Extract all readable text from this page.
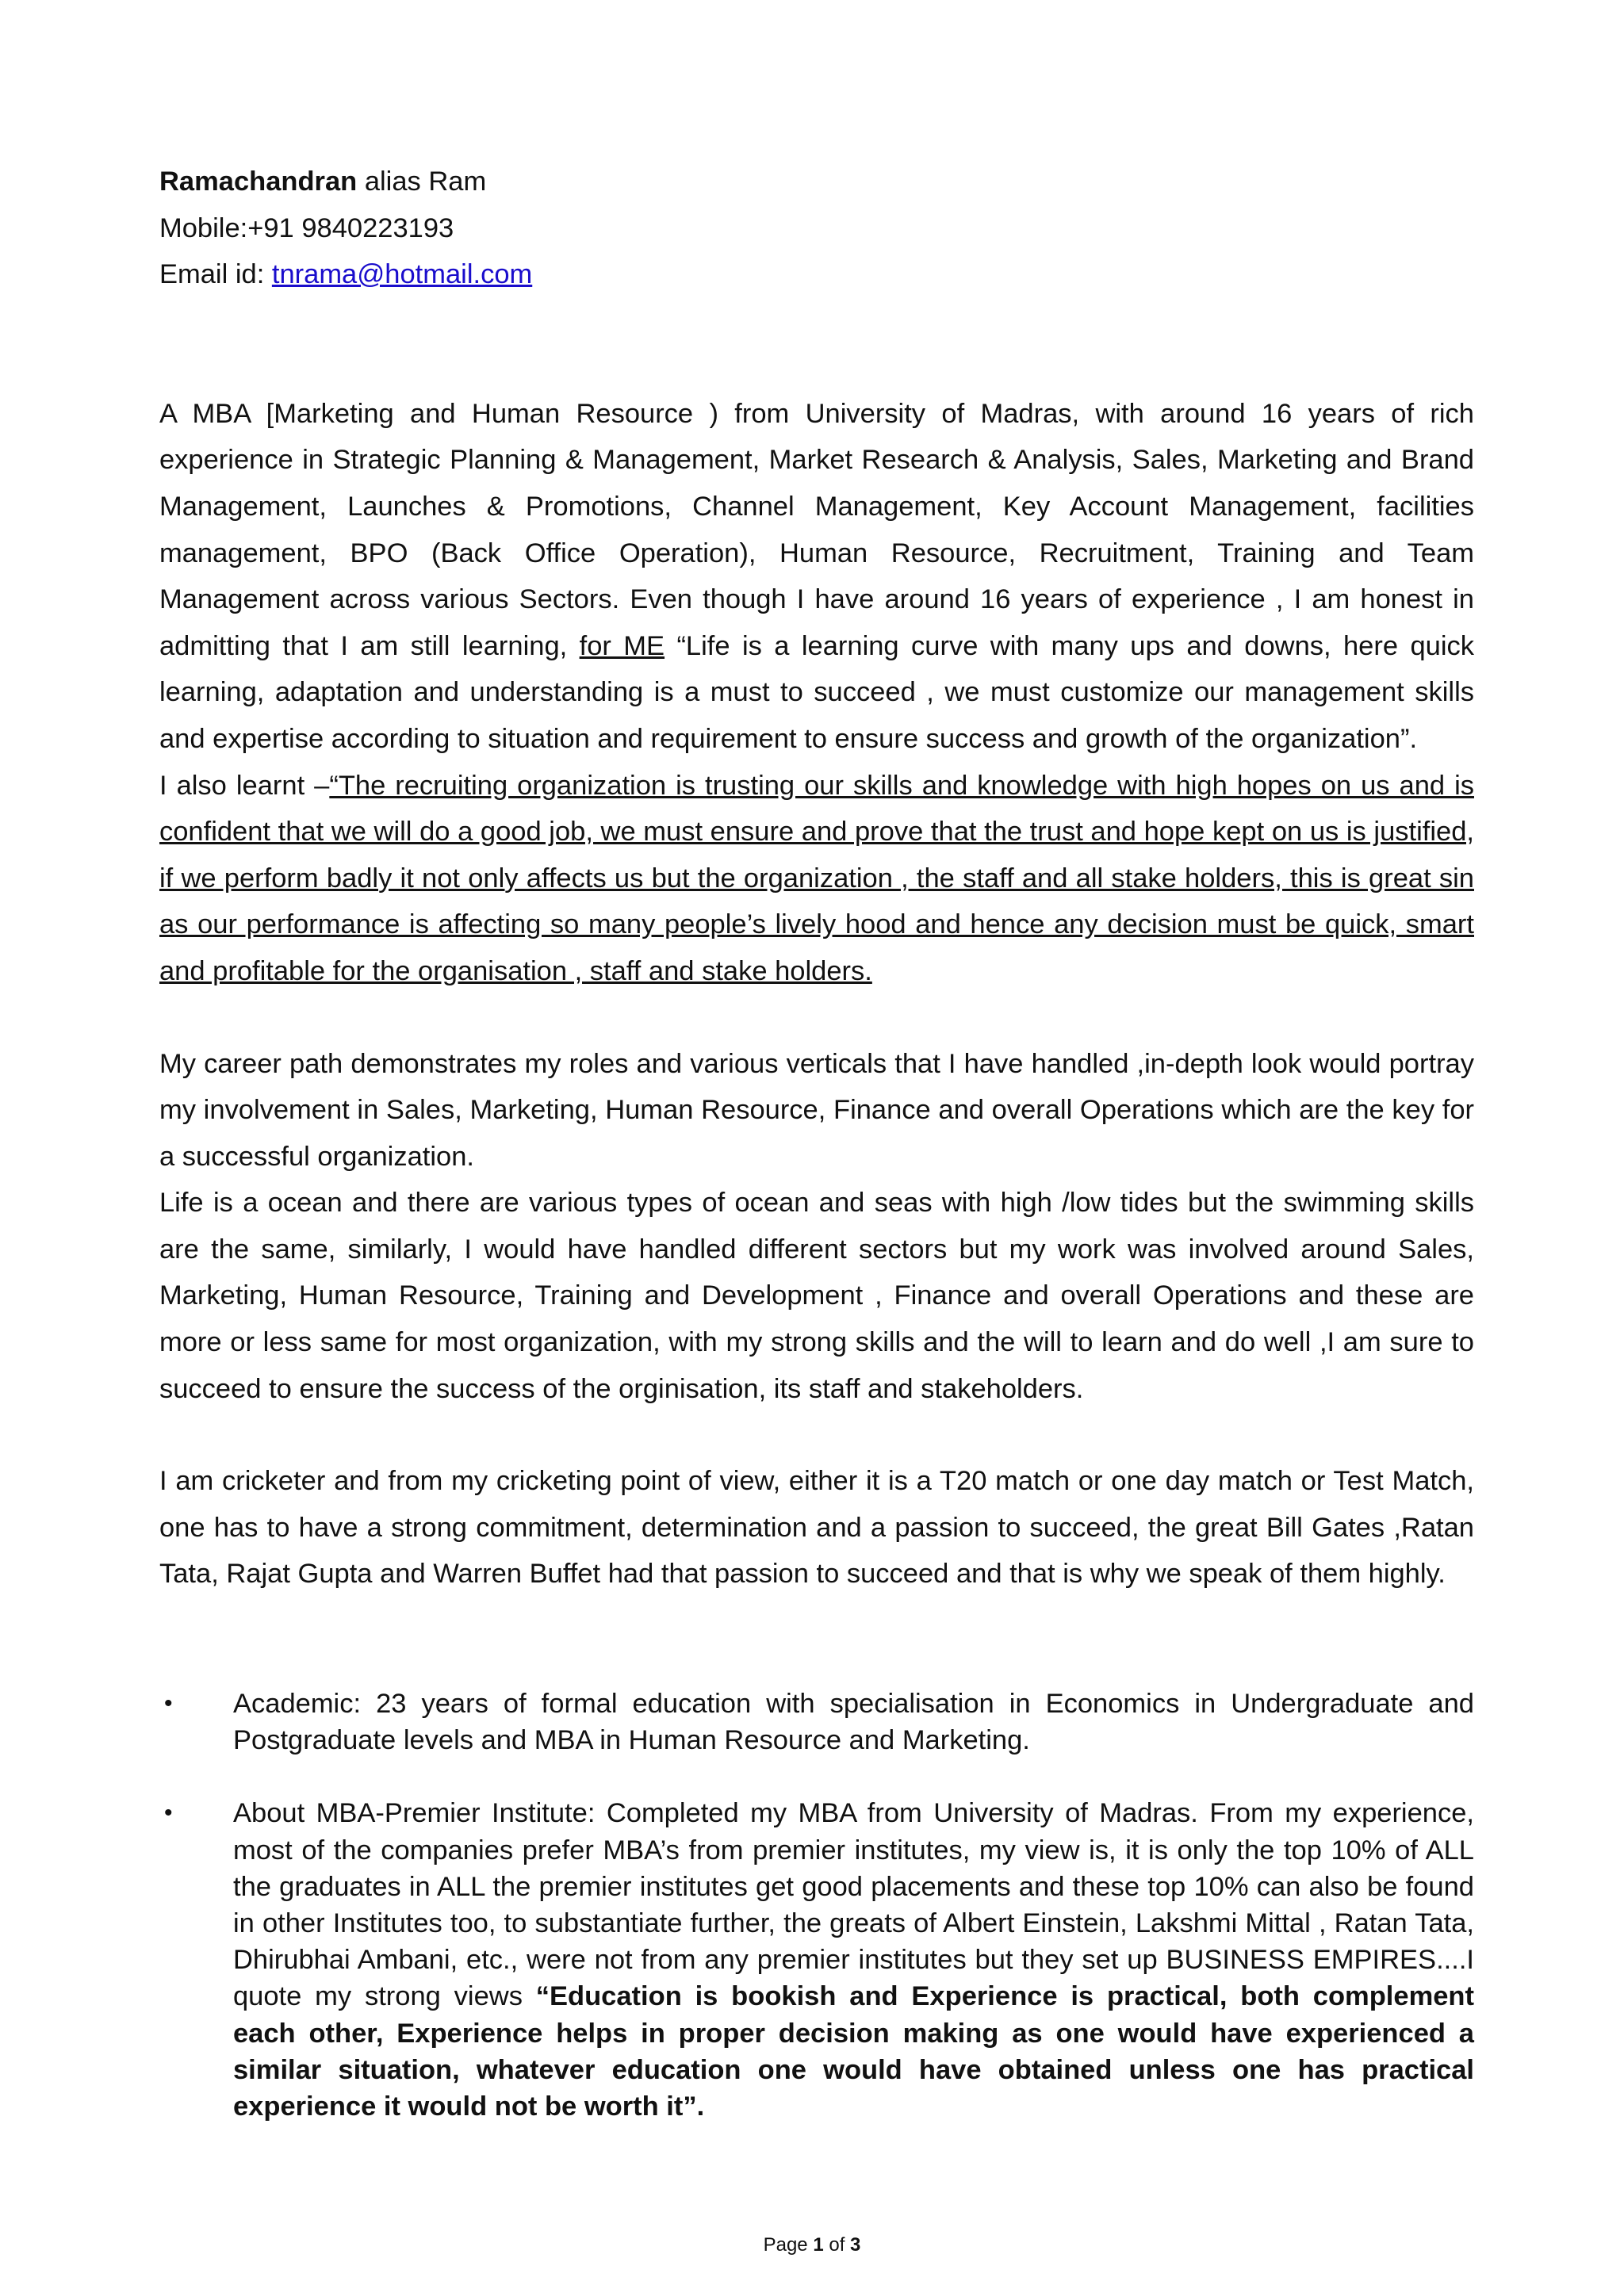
Ramachandran alias Ram

Mobile:+91 9840223193

Email id: tnrama@hotmail.com

A MBA [Marketing and Human Resource ) from University of Madras, with around 16 years of rich experience in Strategic Planning & Management, Market Research & Analysis, Sales, Marketing and Brand Management, Launches & Promotions, Channel Management, Key Account Management, facilities management, BPO (Back Office Operation), Human Resource, Recruitment, Training and Team Management across various Sectors. Even though I have around 16 years of experience , I am honest in admitting that I am still learning, for ME “Life is a learning curve with many ups and downs, here quick learning, adaptation and understanding is a must to succeed , we must customize our management skills and expertise according to situation and requirement to ensure success and growth of the organization”.

I also learnt –“The recruiting organization is trusting our skills and knowledge with high hopes on us and is confident that we will do a good job, we must ensure and prove that the trust and hope kept on us is justified, if we perform badly it not only affects us but the organization , the staff and all stake holders, this is great sin as our performance is affecting so many people’s lively hood and hence any decision must be quick, smart and profitable for the organisation , staff and stake holders.

My career path demonstrates my roles and various verticals that I have handled ,in-depth look would portray my involvement in Sales, Marketing, Human Resource, Finance and overall Operations which are the key for a successful organization.

Life is a ocean and there are various types of ocean and seas with high /low tides but the swimming skills are the same, similarly, I would have handled different sectors but my work was involved around Sales, Marketing, Human Resource, Training and Development , Finance and overall Operations and these are more or less same for most organization, with my strong skills and the will to learn and do well ,I am sure to succeed to ensure the success of the orginisation, its staff and stakeholders.

I am cricketer and from my cricketing point of view, either it is a T20 match or one day match or Test Match, one has to have a strong commitment, determination and a passion to succeed, the great Bill Gates ,Ratan Tata, Rajat Gupta and Warren Buffet had that passion to succeed and that is why we speak of them highly.

• Academic: 23 years of formal education with specialisation in Economics in Undergraduate and Postgraduate levels and MBA in Human Resource and Marketing.

• About MBA-Premier Institute: Completed my MBA from University of Madras. From my experience, most of the companies prefer MBA’s from premier institutes, my view is, it is only the top 10% of ALL the graduates in ALL the premier institutes get good placements and these top 10% can also be found in other Institutes too, to substantiate further, the greats of Albert Einstein, Lakshmi Mittal , Ratan Tata, Dhirubhai Ambani, etc., were not from any premier institutes but they set up BUSINESS EMPIRES....I quote my strong views “Education is bookish and Experience is practical, both complement each other, Experience helps in proper decision making as one would have experienced a similar situation, whatever education one would have obtained unless one has practical experience it would not be worth it”.

Page 1 of 3
